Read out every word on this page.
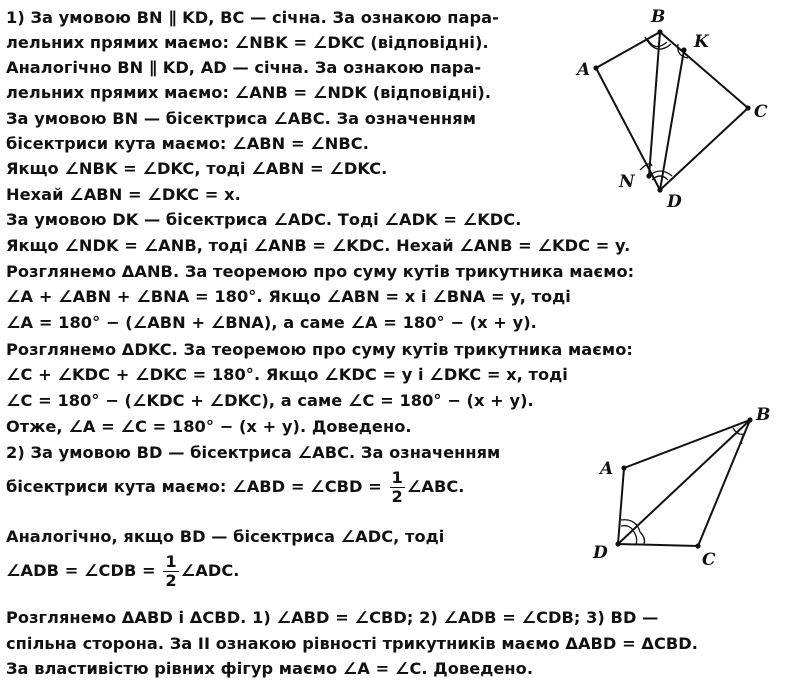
1) За умовою BN ∥ KD, BC — січна. За ознакою пара-
лельних прямих маємо: ∠NBK = ∠DKC (відповідні).
Аналогічно BN ∥ KD, AD — січна. За ознакою пара-
лельних прямих маємо: ∠ANB = ∠NDK (відповідні).
За умовою BN — бісектриса ∠ABC. За означенням
бісектриси кута маємо: ∠ABN = ∠NBC.
Якщо ∠NBK = ∠DKC, тоді ∠ABN = ∠DKC.
Нехай ∠ABN = ∠DKC = x.
За умовою DK — бісектриса ∠ADC. Тоді ∠ADK = ∠KDC.
Якщо ∠NDK = ∠ANB, тоді ∠ANB = ∠KDC. Нехай ∠ANB = ∠KDC = y.
Розглянемо ΔANB. За теоремою про суму кутів трикутника маємо:
∠A + ∠ABN + ∠BNA = 180°. Якщо ∠ABN = x і ∠BNA = y, тоді
∠A = 180° − (∠ABN + ∠BNA), а саме ∠A = 180° − (x + y).
Розглянемо ΔDKC. За теоремою про суму кутів трикутника маємо:
∠C + ∠KDC + ∠DKC = 180°. Якщо ∠KDC = y і ∠DKC = x, тоді
∠C = 180° − (∠KDC + ∠DKC), а саме ∠C = 180° − (x + y).
Отже, ∠A = ∠C = 180° − (x + y). Доведено.
2) За умовою BD — бісектриса ∠ABC. За означенням
бісектриси кута маємо: ∠ABD = ∠CBD = $\frac{1}{2}$ ∠ABC.
Аналогічно, якщо BD — бісектриса ∠ADC, тоді
∠ADB = ∠CDB = $\frac{1}{2}$ ∠ADC.
Розглянемо ΔABD і ΔCBD. 1) ∠ABD = ∠CBD; 2) ∠ADB = ∠CDB; 3) BD —
спільна сторона. За II ознакою рівності трикутників маємо ΔABD = ΔCBD.
За властивістю рівних фігур маємо ∠A = ∠C. Доведено.
A
B
K
C
N
D
A
B
C
D
